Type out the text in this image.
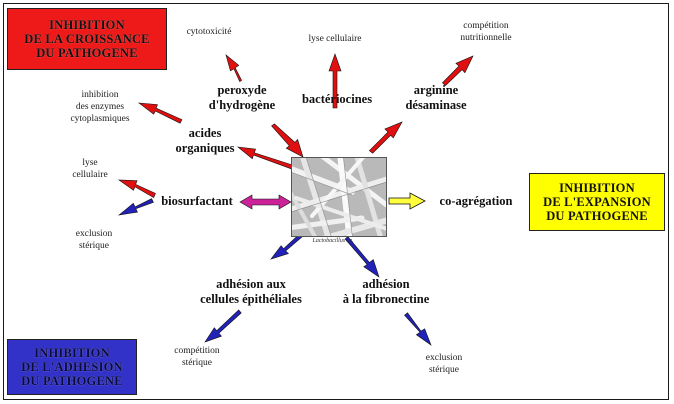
Lactobacillus sp.
INHIBITION
DE LA CROISSANCE
DU PATHOGENE
INHIBITION
DE L'EXPANSION
DU PATHOGENE
INHIBITION
DE L'ADHESION
DU PATHOGENE
peroxyde
d'hydrogène	bactériocines
arginine
désaminase
acides
organiques
biosurfactant	co-agrégation
adhésion aux
cellules épithéliales
adhésion
à la fibronectine
cytotoxicité
lyse cellulaire
compétition
nutritionnelle
inhibition
des enzymes
cytoplasmiques
lyse
cellulaire
exclusion
stérique
compétition
stérique	exclusion
stérique
